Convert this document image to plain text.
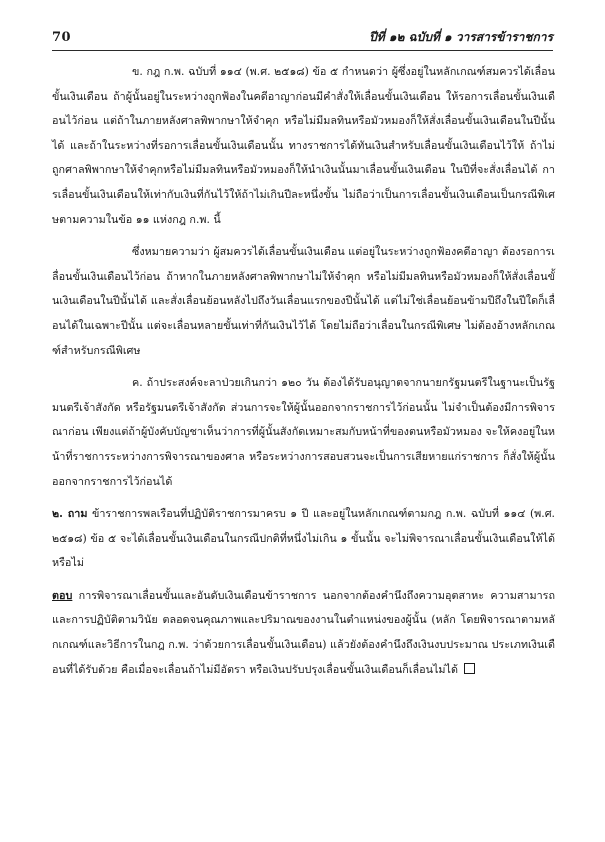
70	ปีที่ ๑๒ ฉบับที่ ๑ วารสารข้าราชการ

ข. กฎ ก.พ. ฉบับที่ ๑๑๔ (พ.ศ. ๒๕๑๘) ข้อ ๕ กำหนดว่า ผู้ซึ่งอยู่ในหลักเกณฑ์สมควรได้เลื่อนขั้นเงินเดือน ถ้าผู้นั้นอยู่ในระหว่างถูกฟ้องในคดีอาญาก่อนมีคำสั่งให้เลื่อนขั้นเงินเดือน ให้รอการเลื่อนขั้นเงินเดือนไว้ก่อน แต่ถ้าในภายหลังศาลพิพากษาให้จำคุก หรือไม่มีมลทินหรือมัวหมองก็ให้สั่งเลื่อนขั้นเงินเดือนในปีนั้นได้ และถ้าในระหว่างที่รอการเลื่อนขั้นเงินเดือนนั้น ทางราชการได้ทันเงินสำหรับเลื่อนขั้นเงินเดือนไว้ให้ ถ้าไม่ถูกศาลพิพากษาให้จำคุกหรือไม่มีมลทินหรือมัวหมองก็ให้นำเงินนั้นมาเลื่อนขั้นเงินเดือน ในปีที่จะสั่งเลื่อนได้ การเลื่อนขั้นเงินเดือนให้เท่ากับเงินที่กันไว้ให้ถ้าไม่เกินปีละหนึ่งขั้น ไม่ถือว่าเป็นการเลื่อนขั้นเงินเดือนเป็นกรณีพิเศษตามความในข้อ ๑๑ แห่งกฎ ก.พ. นี้

ซึ่งหมายความว่า ผู้สมควรได้เลื่อนขั้นเงินเดือน แต่อยู่ในระหว่างถูกฟ้องคดีอาญา ต้องรอการเลื่อนขั้นเงินเดือนไว้ก่อน ถ้าหากในภายหลังศาลพิพากษาไม่ให้จำคุก หรือไม่มีมลทินหรือมัวหมองก็ให้สั่งเลื่อนขั้นเงินเดือนในปีนั้นได้ และสั่งเลื่อนย้อนหลังไปถึงวันเลื่อนแรกของปีนั้นได้ แต่ไม่ใช่เลื่อนย้อนข้ามปีถึงในปีใดก็เลื่อนได้ในเฉพาะปีนั้น แต่จะเลื่อนหลายขั้นเท่าที่กันเงินไว้ได้ โดยไม่ถือว่าเลื่อนในกรณีพิเศษ ไม่ต้องอ้างหลักเกณฑ์สำหรับกรณีพิเศษ

ค. ถ้าประสงค์จะลาป่วยเกินกว่า ๑๒๐ วัน ต้องได้รับอนุญาตจากนายกรัฐมนตรีในฐานะเป็นรัฐมนตรีเจ้าสังกัด หรือรัฐมนตรีเจ้าสังกัด ส่วนการจะให้ผู้นั้นออกจากราชการไว้ก่อนนั้น ไม่จำเป็นต้องมีการพิจารณาก่อน เพียงแต่ถ้าผู้บังคับบัญชาเห็นว่าการที่ผู้นั้นสังกัดเหมาะสมกับหน้าที่ของตนหรือมัวหมอง จะให้คงอยู่ในหน้าที่ราชการระหว่างการพิจารณาของศาล หรือระหว่างการสอบสวนจะเป็นการเสียหายแก่ราชการ ก็สั่งให้ผู้นั้นออกจากราชการไว้ก่อนได้

๒. ถาม ข้าราชการพลเรือนที่ปฏิบัติราชการมาครบ ๑ ปี และอยู่ในหลักเกณฑ์ตามกฎ ก.พ. ฉบับที่ ๑๑๔ (พ.ศ. ๒๕๑๘) ข้อ ๕ จะได้เลื่อนขั้นเงินเดือนในกรณีปกติที่หนึ่งไม่เกิน ๑ ขั้นนั้น จะไม่พิจารณาเลื่อนขั้นเงินเดือนให้ได้หรือไม่

ตอบ การพิจารณาเลื่อนขั้นและอันดับเงินเดือนข้าราชการ นอกจากต้องคำนึงถึงความอุตสาหะ ความสามารถ และการปฏิบัติตามวินัย ตลอดจนคุณภาพและปริมาณของงานในตำแหน่งของผู้นั้น (หลัก โดยพิจารณาตามหลักเกณฑ์และวิธีการในกฎ ก.พ. ว่าด้วยการเลื่อนขั้นเงินเดือน) แล้วยังต้องคำนึงถึงเงินงบประมาณ ประเภทเงินเดือนที่ได้รับด้วย คือเมื่อจะเลื่อนถ้าไม่มีอัตรา หรือเงินปรับปรุงเลื่อนขั้นเงินเดือนก็เลื่อนไม่ได้
